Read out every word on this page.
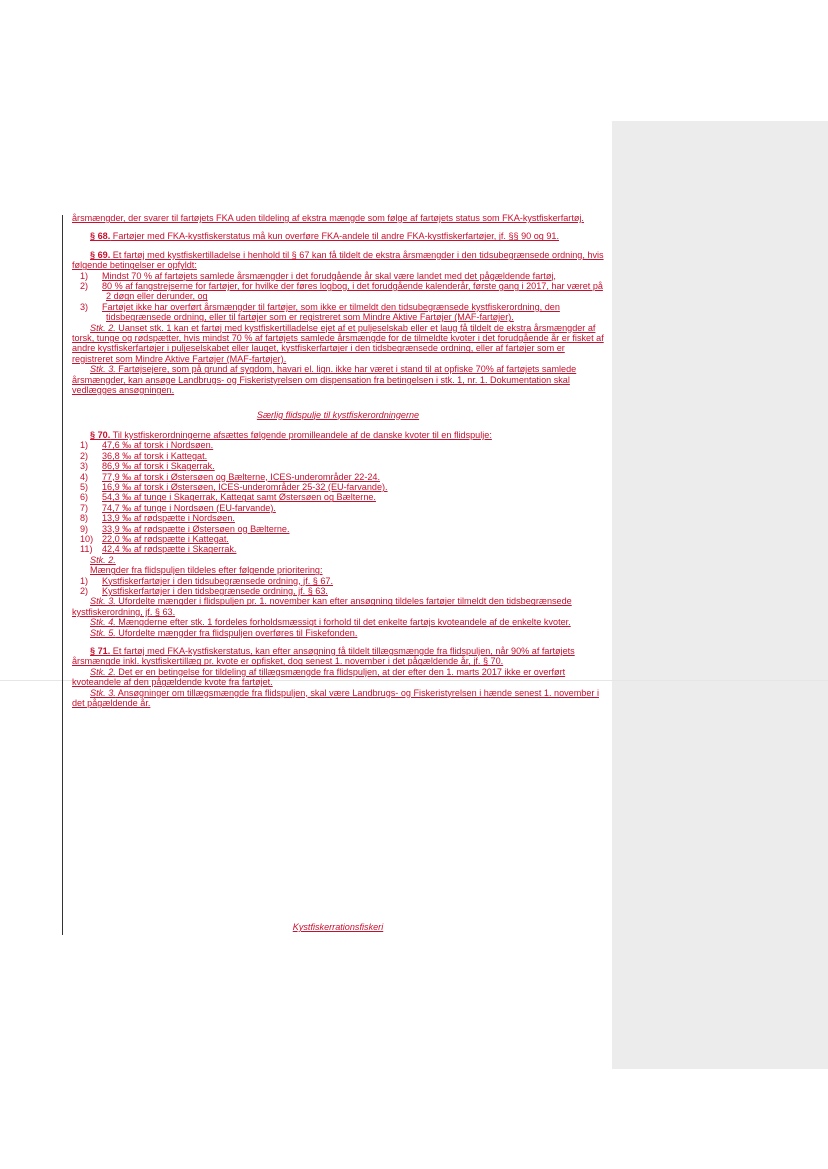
årsmængder, der svarer til fartøjets FKA uden tildeling af ekstra mængde som følge af fartøjets status som FKA-kystfiskerfartøj.

§ 68. Fartøjer med FKA-kystfiskerstatus må kun overføre FKA-andele til andre FKA-kystfiskerfartøjer, jf. §§ 90 og 91.

§ 69. Et fartøj med kystfiskertilladelse i henhold til § 67 kan få tildelt de ekstra årsmængder i den tidsubegrænsede ordning, hvis følgende betingelser er opfyldt:

1) Mindst 70 % af fartøjets samlede årsmængder i det forudgående år skal være landet med det pågældende fartøj,
2) 80 % af fangstrejserne for fartøjer, for hvilke der føres logbog, i det forudgående kalenderår, første gang i 2017, har været på 2 døgn eller derunder, og
3) Fartøjet ikke har overført årsmængder til fartøjer, som ikke er tilmeldt den tidsubegrænsede kystfiskerordning, den tidsbegrænsede ordning, eller til fartøjer som er registreret som Mindre Aktive Fartøjer (MAF-fartøjer).

Stk. 2. Uanset stk. 1 kan et fartøj med kystfiskertilladelse ejet af et puljeselskab eller et laug få tildelt de ekstra årsmængder af torsk, tunge og rødspætter, hvis mindst 70 % af fartøjets samlede årsmængde for de tilmeldte kvoter i det forudgående år er fisket af andre kystfiskerfartøjer i puljeselskabet eller lauget, kystfiskerfartøjer i den tidsbegrænsede ordning, eller af fartøjer som er registreret som Mindre Aktive Fartøjer (MAF-fartøjer).

Stk. 3. Fartøjsejere, som på grund af sygdom, havari el. lign. ikke har været i stand til at opfiske 70% af fartøjets samlede årsmængder, kan ansøge Landbrugs- og Fiskeristyrelsen om dispensation fra betingelsen i stk. 1, nr. 1. Dokumentation skal vedlægges ansøgningen.

Særlig flidspulje til kystfiskerordningerne

§ 70. Til kystfiskerordningerne afsættes følgende promilleandele af de danske kvoter til en flidspulje:

1) 47,6 ‰ af torsk i Nordsøen.
2) 36,8 ‰ af torsk i Kattegat.
3) 86,9 ‰ af torsk i Skagerrak.
4) 77,9 ‰ af torsk i Østersøen og Bælterne, ICES-underområder 22-24.
5) 16,9 ‰ af torsk i Østersøen, ICES-underområder 25-32 (EU-farvande).
6) 54,3 ‰ af tunge i Skagerrak, Kattegat samt Østersøen og Bælterne.
7) 74,7 ‰ af tunge i Nordsøen (EU-farvande).
8) 13,9 ‰ af rødspætte i Nordsøen.
9) 33,9 ‰ af rødspætte i Østersøen og Bælterne.
10) 22,0 ‰ af rødspætte i Kattegat.
11) 42,4 ‰ af rødspætte i Skagerrak.

Stk. 2.

Mængder fra flidspuljen tildeles efter følgende prioritering:

1) Kystfiskerfartøjer i den tidsubegrænsede ordning, jf. § 67.
2) Kystfiskerfartøjer i den tidsbegrænsede ordning, jf. § 63.

Stk. 3. Ufordelte mængder i flidspuljen pr. 1. november kan efter ansøgning tildeles fartøjer tilmeldt den tidsbegrænsede kystfiskerordning, jf. § 63.

Stk. 4. Mængderne efter stk. 1 fordeles forholdsmæssigt i forhold til det enkelte fartøjs kvoteandele af de enkelte kvoter.

Stk. 5. Ufordelte mængder fra flidspuljen overføres til Fiskefonden.

§ 71. Et fartøj med FKA-kystfiskerstatus, kan efter ansøgning få tildelt tillægsmængde fra flidspuljen, når 90% af fartøjets årsmængde inkl. kystfiskertillæg pr. kvote er opfisket, dog senest 1. november i det pågældende år, jf. § 70.

Stk. 2. Det er en betingelse for tildeling af tillægsmængde fra flidspuljen, at der efter den 1. marts 2017 ikke er overført kvoteandele af den pågældende kvote fra fartøjet.

Stk. 3. Ansøgninger om tillægsmængde fra flidspuljen, skal være Landbrugs- og Fiskeristyrelsen i hænde senest 1. november i det pågældende år.

Kystfiskerrationsfiskeri
